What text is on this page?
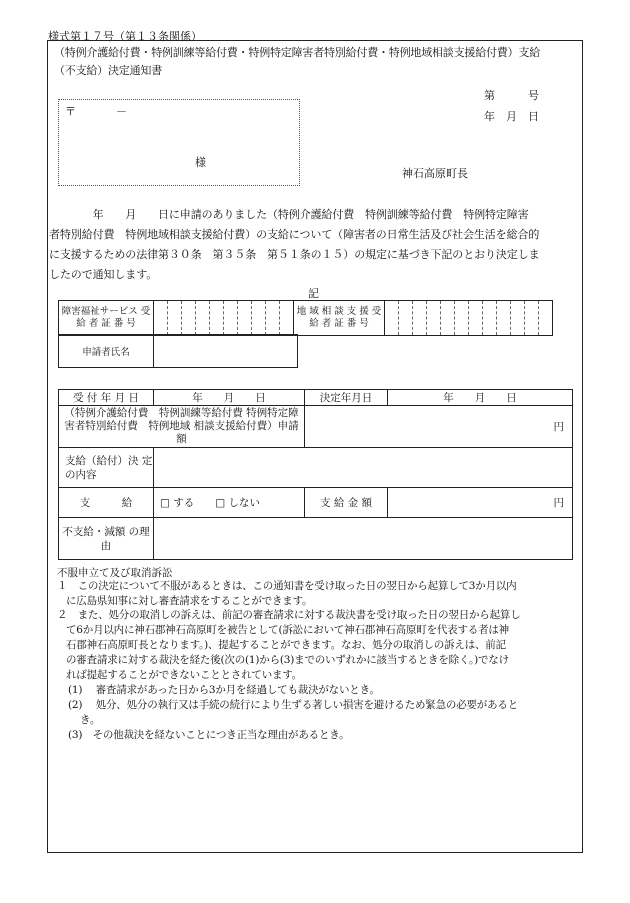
様式第１７号（第１３条関係）
（特例介護給付費・特例訓練等給付費・特例特定障害者特別給付費・特例地域相談支援給付費）支給
（不支給）決定通知書
第　　　号
年　月　日
〒	－
様
神石高原町長
　　　　年　　月　　日に申請のありました（特例介護給付費　特例訓練等給付費　特例特定障害
者特別給付費　特例地域相談支援給付費）の支給について（障害者の日常生活及び社会生活を総合的
に支援するための法律第３０条　第３５条　第５１条の１５）の規定に基づき下記のとおり決定しま
したので通知します。
記
障害福祉サービス 受 給 者 証 番 号											地 域 相 談 支 援 受 給 者 証 番 号												
申請者氏名	
受 付 年 月 日	年　　月　　日	決定年月日	年　　月　　日
（特例介護給付費　特例訓練等給付費 特例特定障害者特別給付費　特例地域 相談支援給付費）申請額		円	
支給（給付）決 定の内容			
支　　　給	□ する　　□ しない	支 給 金 額	円
不支給・減額 の理由			
不服申立て及び取消訴訟
１　この決定について不服があるときは、この通知書を受け取った日の翌日から起算して3か月以内
に広島県知事に対し審査請求をすることができます。
２　また、処分の取消しの訴えは、前記の審査請求に対する裁決書を受け取った日の翌日から起算し
て6か月以内に神石郡神石高原町を被告として(訴訟において神石郡神石高原町を代表する者は神
石郡神石高原町長となります。)、提起することができます。なお、処分の取消しの訴えは、前記
の審査請求に対する裁決を経た後(次の(1)から(3)までのいずれかに該当するときを除く。)でなけ
れば提起することができないこととされています。
(1)　 審査請求があった日から3か月を経過しても裁決がないとき。
(2)　 処分、処分の執行又は手続の続行により生ずる著しい損害を避けるため緊急の必要があると
き。
(3)　その他裁決を経ないことにつき正当な理由があるとき。
